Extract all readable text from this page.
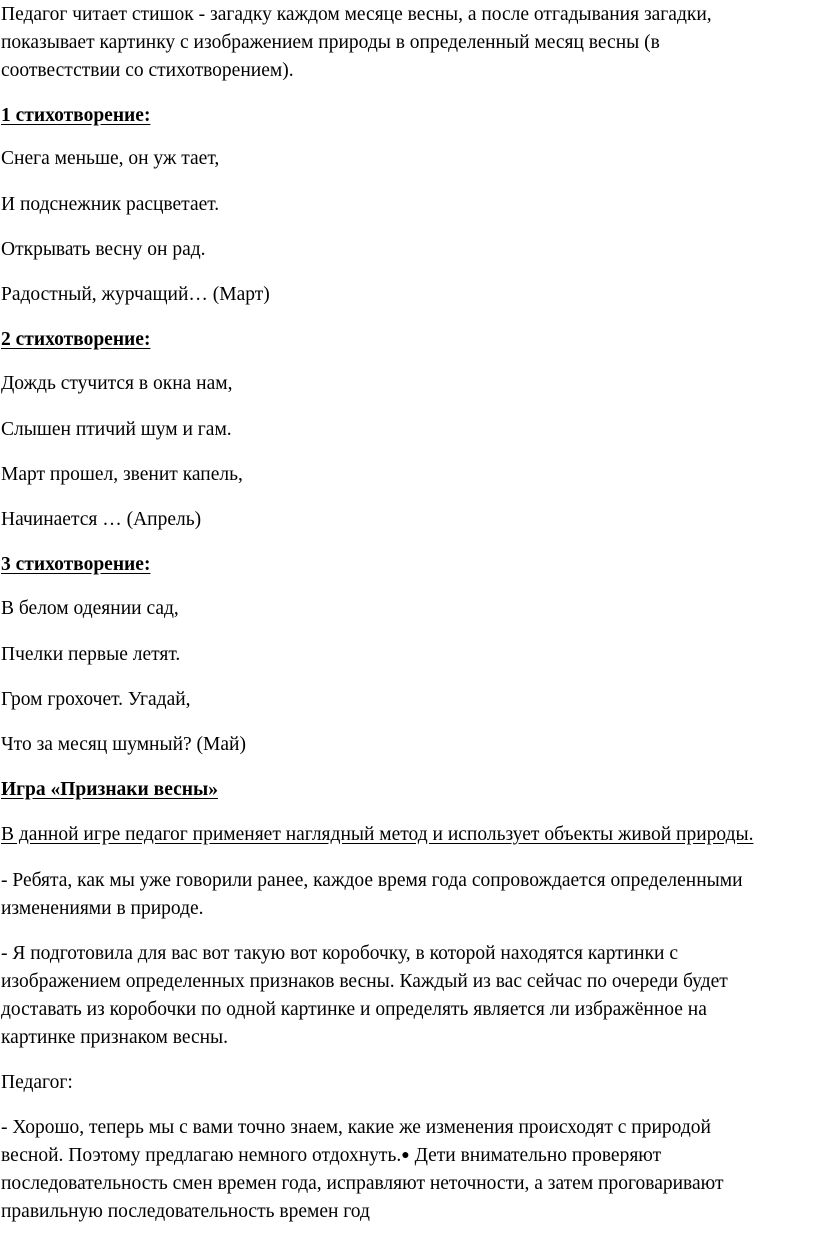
Педагог читает стишок - загадку каждом месяце весны, а после отгадывания загадки,
показывает картинку с изображением природы в определенный месяц весны (в
соотвестствии со стихотворением).
1 стихотворение:
Снега меньше, он уж тает,
И подснежник расцветает.
Открывать весну он рад.
Радостный, журчащий… (Март)
2 стихотворение:
Дождь стучится в окна нам,
Слышен птичий шум и гам.
Март прошел, звенит капель,
Начинается … (Апрель)
3 стихотворение:
В белом одеянии сад,
Пчелки первые летят.
Гром грохочет. Угадай,
Что за месяц шумный? (Май)
Игра «Признаки весны»
В данной игре педагог применяет наглядный метод и использует объекты живой природы.
- Ребята, как мы уже говорили ранее, каждое время года сопровождается определенными
изменениями в природе.
- Я подготовила для вас вот такую вот коробочку, в которой находятся картинки с
изображением определенных признаков весны. Каждый из вас сейчас по очереди будет
доставать из коробочки по одной картинке и определять является ли избражённое на
картинке признаком весны.
Педагог:
- Хорошо, теперь мы с вами точно знаем, какие же изменения происходят с природой
весной. Поэтому предлагаю немного отдохнуть.● Дети внимательно проверяют
последовательность смен времен года, исправляют неточности, а затем проговаривают
правильную последовательность времен год
